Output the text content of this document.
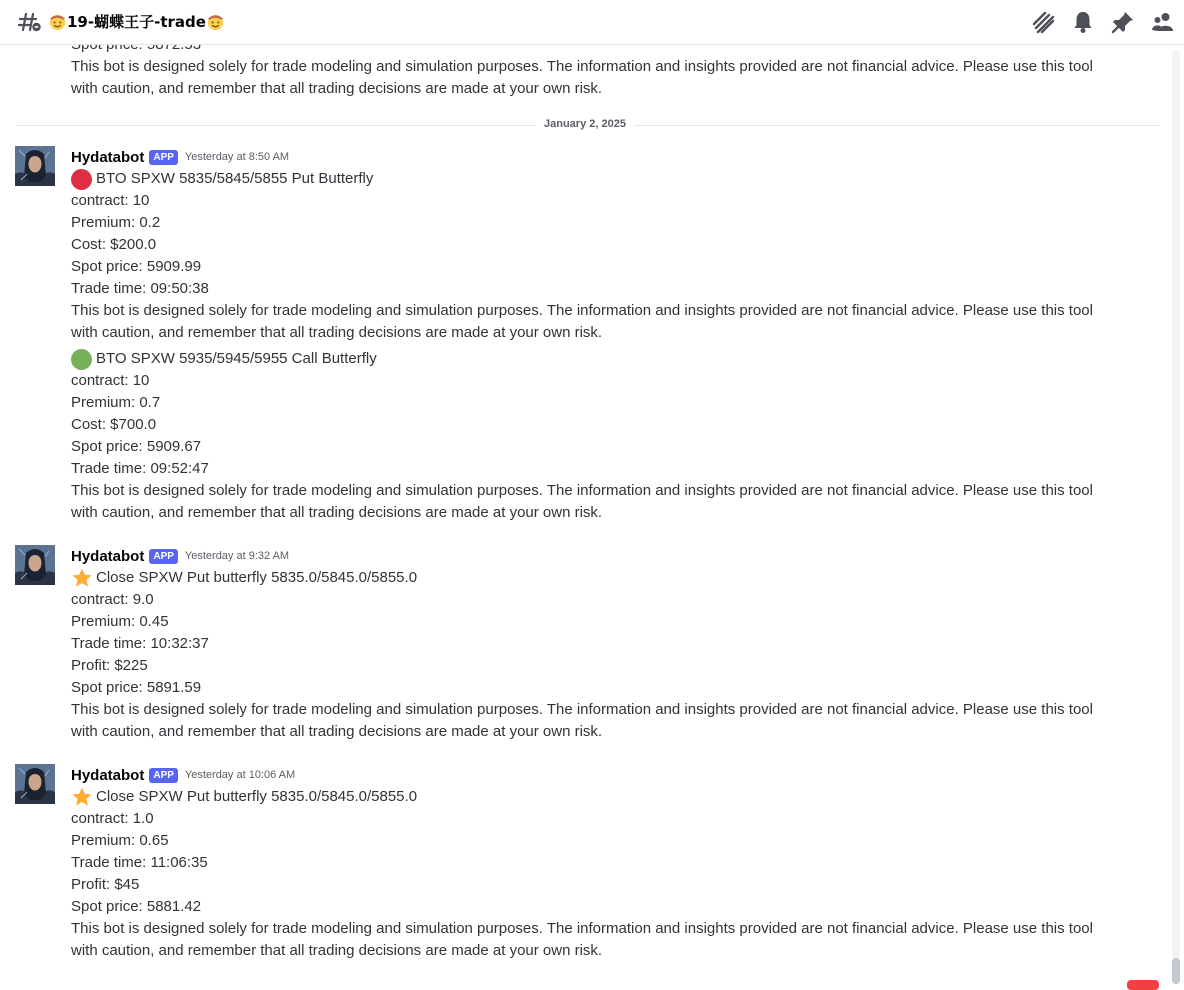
19-蝴蝶王子-trade
This bot is designed solely for trade modeling and simulation purposes. The information and insights provided are not financial advice. Please use this tool with caution, and remember that all trading decisions are made at your own risk.
January 2, 2025
Hydatabot APP	Yesterday at 8:50 AM
BTO SPXW 5835/5845/5855 Put Butterfly
contract: 10
Premium: 0.2
Cost: $200.0
Spot price: 5909.99
Trade time: 09:50:38
This bot is designed solely for trade modeling and simulation purposes. The information and insights provided are not financial advice. Please use this tool with caution, and remember that all trading decisions are made at your own risk.
BTO SPXW 5935/5945/5955 Call Butterfly
contract: 10
Premium: 0.7
Cost: $700.0
Spot price: 5909.67
Trade time: 09:52:47
This bot is designed solely for trade modeling and simulation purposes. The information and insights provided are not financial advice. Please use this tool with caution, and remember that all trading decisions are made at your own risk.
Hydatabot APP	Yesterday at 9:32 AM
Close SPXW Put butterfly 5835.0/5845.0/5855.0
contract: 9.0
Premium: 0.45
Trade time: 10:32:37
Profit: $225
Spot price: 5891.59
This bot is designed solely for trade modeling and simulation purposes. The information and insights provided are not financial advice. Please use this tool with caution, and remember that all trading decisions are made at your own risk.
Hydatabot APP	Yesterday at 10:06 AM
Close SPXW Put butterfly 5835.0/5845.0/5855.0
contract: 1.0
Premium: 0.65
Trade time: 11:06:35
Profit: $45
Spot price: 5881.42
This bot is designed solely for trade modeling and simulation purposes. The information and insights provided are not financial advice. Please use this tool with caution, and remember that all trading decisions are made at your own risk.
